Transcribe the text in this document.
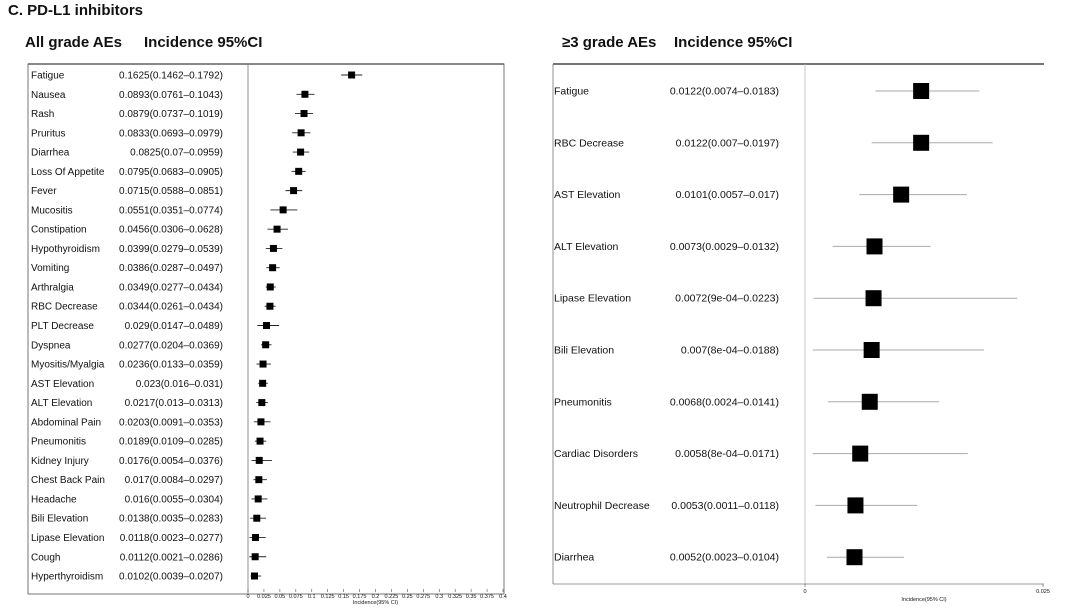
C. PD-L1 inhibitors
All grade AEs Incidence 95%CI	≥3 grade AEs Incidence 95%CI
Fatigue	0.1625(0.1462–0.1792)
Nausea	0.0893(0.0761–0.1043)
Rash	0.0879(0.0737–0.1019)
Pruritus	0.0833(0.0693–0.0979)
Diarrhea	0.0825(0.07–0.0959)
Loss Of Appetite 0.0795(0.0683–0.0905)
Fever	0.0715(0.0588–0.0851)
Mucositis	0.0551(0.0351–0.0774)
Constipation	0.0456(0.0306–0.0628)
Hypothyroidism 0.0399(0.0279–0.0539)
Vomiting	0.0386(0.0287–0.0497)
Arthralgia	0.0349(0.0277–0.0434)
RBC Decrease 0.0344(0.0261–0.0434)
PLT Decrease	0.029(0.0147–0.0489)
Dyspnea	0.0277(0.0204–0.0369)
Myositis/Myalgia 0.0236(0.0133–0.0359)
AST Elevation	0.023(0.016–0.031)
ALT Elevation	0.0217(0.013–0.0313)
Abdominal Pain 0.0203(0.0091–0.0353)
Pneumonitis	0.0189(0.0109–0.0285)
Kidney Injury	0.0176(0.0054–0.0376)
Chest Back Pain 0.017(0.0084–0.0297)
Headache	0.016(0.0055–0.0304)
Bili Elevation	0.0138(0.0035–0.0283)
Lipase Elevation 0.0118(0.0023–0.0277)
Cough	0.0112(0.0021–0.0286)
Hyperthyroidism 0.0102(0.0039–0.0207)
0 0.025 0.05 0.075 0.1 0.125 0.15 0.175 0.2 0.225 0.25 0.275 0.3 0.325 0.35 0.375 0.4
Incidence(95% CI)
Fatigue	0.0122(0.0074–0.0183)
RBC Decrease	0.0122(0.007–0.0197)
AST Elevation	0.0101(0.0057–0.017)
ALT Elevation	0.0073(0.0029–0.0132)
Lipase Elevation	0.0072(9e-04–0.0223)
Bili Elevation	0.007(8e-04–0.0188)
Pneumonitis	0.0068(0.0024–0.0141)
Cardiac Disorders	0.0058(8e-04–0.0171)
Neutrophil Decrease 0.0053(0.0011–0.0118)
Diarrhea	0.0052(0.0023–0.0104)
0	0.025
Incidence(95% CI)
